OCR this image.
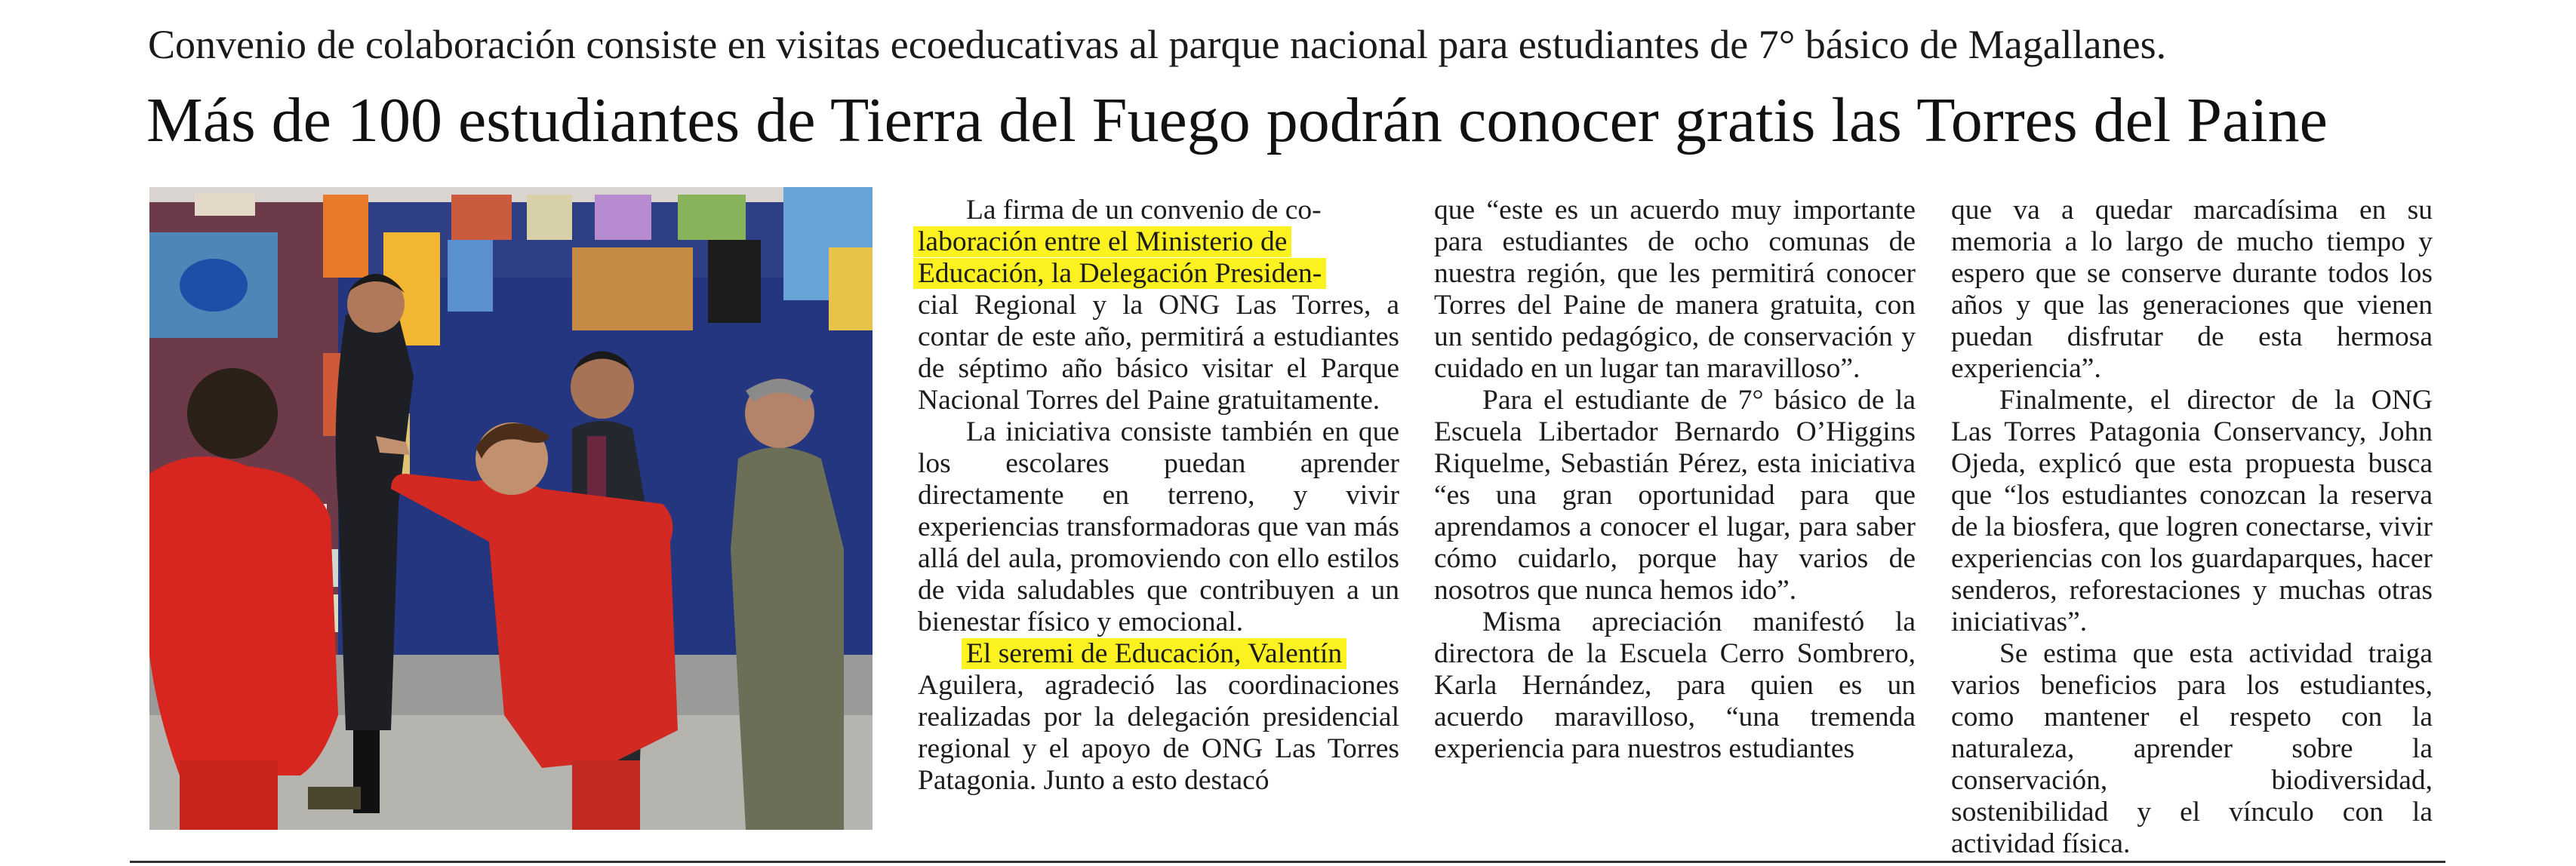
Convenio de colaboración consiste en visitas ecoeducativas al parque nacional para estudiantes de 7° básico de Magallanes.
Más de 100 estudiantes de Tierra del Fuego podrán conocer gratis las Torres del Paine

La firma de un convenio de co-
laboración entre el Ministerio de
Educación, la Delegación Presiden-
cial Regional y la ONG Las Torres, a contar de este año, permitirá a estudiantes de séptimo año básico visitar el Parque Nacional Torres del Paine gratuitamente.

La iniciativa consiste también en que los escolares puedan aprender directamente en terreno, y vivir experiencias transformadoras que van más allá del aula, promoviendo con ello estilos de vida saludables que contribuyen a un bienestar físico y emocional.

El seremi de Educación, Valentín
Aguilera, agradeció las coordinaciones realizadas por la delegación presidencial regional y el apoyo de ONG Las Torres Patagonia. Junto a esto destacó

que “este es un acuerdo muy importante para estudiantes de ocho comunas de nuestra región, que les permitirá conocer Torres del Paine de manera gratuita, con un sentido pedagógico, de conservación y cuidado en un lugar tan maravilloso”.

Para el estudiante de 7° básico de la Escuela Libertador Bernardo O’Higgins Riquelme, Sebastián Pérez, esta iniciativa “es una gran oportunidad para que aprendamos a conocer el lugar, para saber cómo cuidarlo, porque hay varios de nosotros que nunca hemos ido”.

Misma apreciación manifestó la directora de la Escuela Cerro Sombrero, Karla Hernández, para quien es un acuerdo maravilloso, “una tremenda experiencia para nuestros estudiantes

que va a quedar marcadísima en su memoria a lo largo de mucho tiempo y espero que se conserve durante todos los años y que las generaciones que vienen puedan disfrutar de esta hermosa experiencia”.

Finalmente, el director de la ONG Las Torres Patagonia Conservancy, John Ojeda, explicó que esta propuesta busca que “los estudiantes conozcan la reserva de la biosfera, que logren conectarse, vivir experiencias con los guardaparques, hacer senderos, reforestaciones y muchas otras iniciativas”.

Se estima que esta actividad traiga varios beneficios para los estudiantes, como mantener el respeto con la naturaleza, aprender sobre la conservación, biodiversidad, sostenibilidad y el vínculo con la actividad física.
